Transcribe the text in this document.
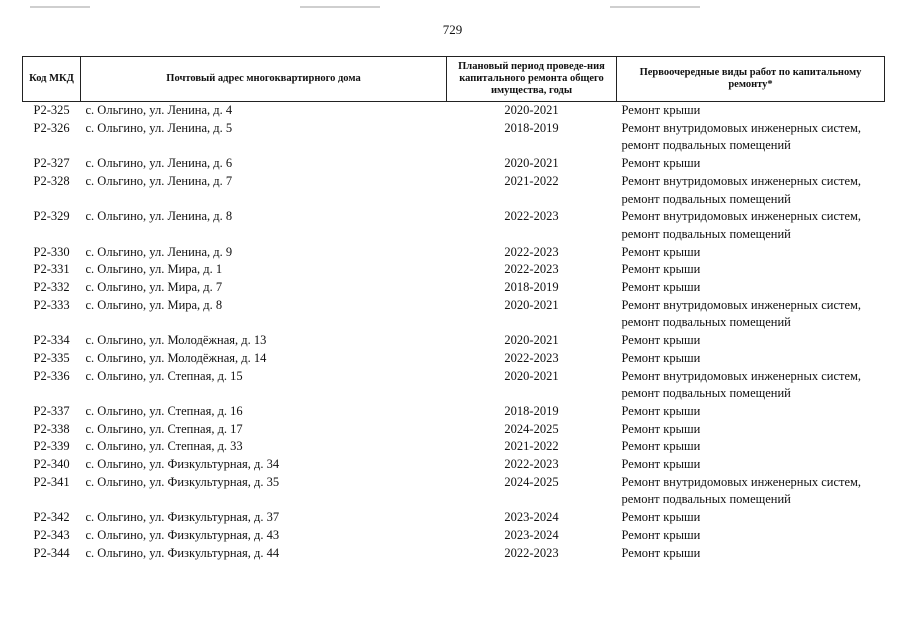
729
Код МКД	Почтовый адрес многоквартирного дома	Плановый период проведе-ния капитального ремонта общего имущества, годы	Первоочередные виды работ по капитальному ремонту*
Р2-325	с. Ольгино, ул. Ленина, д. 4	2020-2021	Ремонт крыши

Р2-326	с. Ольгино, ул. Ленина, д. 5	2018-2019	Ремонт внутридомовых инженерных систем,
ремонт подвальных помещений

Р2-327	с. Ольгино, ул. Ленина, д. 6	2020-2021	Ремонт крыши

Р2-328	с. Ольгино, ул. Ленина, д. 7	2021-2022	Ремонт внутридомовых инженерных систем,
ремонт подвальных помещений

Р2-329	с. Ольгино, ул. Ленина, д. 8	2022-2023	Ремонт внутридомовых инженерных систем,
ремонт подвальных помещений

Р2-330	с. Ольгино, ул. Ленина, д. 9	2022-2023	Ремонт крыши

Р2-331	с. Ольгино, ул. Мира, д. 1	2022-2023	Ремонт крыши

Р2-332	с. Ольгино, ул. Мира, д. 7	2018-2019	Ремонт крыши

Р2-333	с. Ольгино, ул. Мира, д. 8	2020-2021	Ремонт внутридомовых инженерных систем,
ремонт подвальных помещений

Р2-334	с. Ольгино, ул. Молодёжная, д. 13	2020-2021	Ремонт крыши

Р2-335	с. Ольгино, ул. Молодёжная, д. 14	2022-2023	Ремонт крыши

Р2-336	с. Ольгино, ул. Степная, д. 15	2020-2021	Ремонт внутридомовых инженерных систем,
ремонт подвальных помещений

Р2-337	с. Ольгино, ул. Степная, д. 16	2018-2019	Ремонт крыши

Р2-338	с. Ольгино, ул. Степная, д. 17	2024-2025	Ремонт крыши

Р2-339	с. Ольгино, ул. Степная, д. 33	2021-2022	Ремонт крыши

Р2-340	с. Ольгино, ул. Физкультурная, д. 34	2022-2023	Ремонт крыши

Р2-341	с. Ольгино, ул. Физкультурная, д. 35	2024-2025	Ремонт внутридомовых инженерных систем,
ремонт подвальных помещений

Р2-342	с. Ольгино, ул. Физкультурная, д. 37	2023-2024	Ремонт крыши

Р2-343	с. Ольгино, ул. Физкультурная, д. 43	2023-2024	Ремонт крыши

Р2-344	с. Ольгино, ул. Физкультурная, д. 44	2022-2023	Ремонт крыши
